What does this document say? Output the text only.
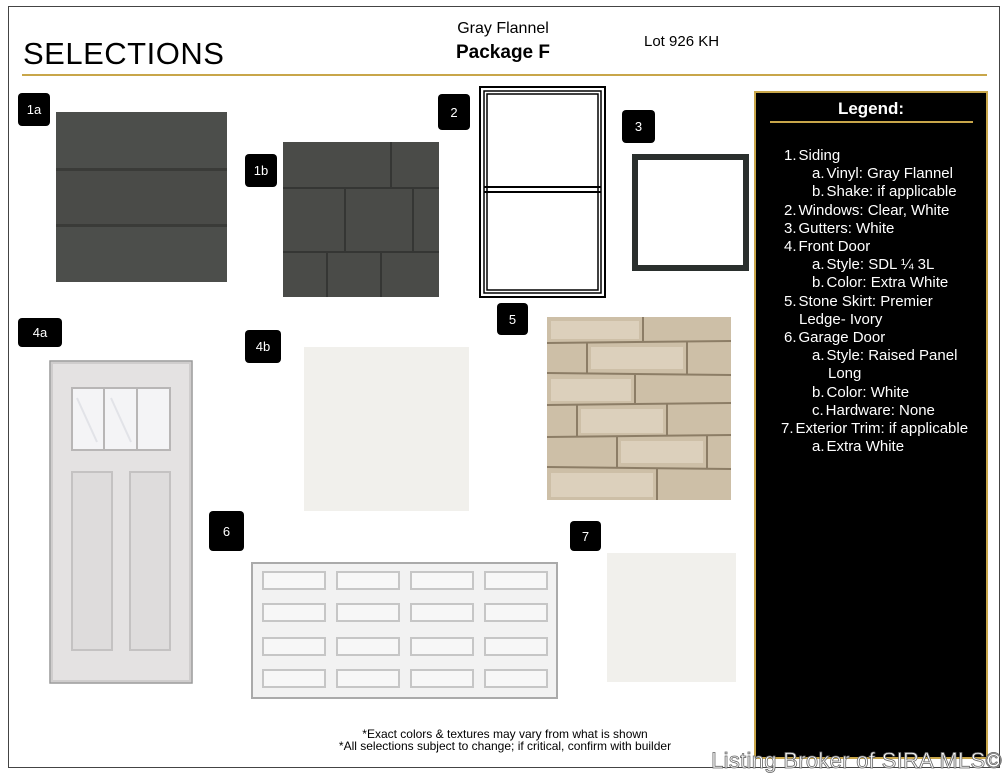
SELECTIONS
Gray Flannel
Package F
Lot 926 KH
1a
1b
2
3
4a
4b
5
6	7
Legend:
1. Siding
a. Vinyl: Gray Flannel
b. Shake: if applicable
2. Windows: Clear, White
3. Gutters: White
4. Front Door
a. Style: SDL ¼ 3L
b. Color: Extra White
5. Stone Skirt: Premier
Ledge- Ivory
6. Garage Door
a. Style: Raised Panel
Long
b. Color: White
c. Hardware: None
7. Exterior Trim: if applicable
a. Extra White
*Exact colors & textures may vary from what is shown
*All selections subject to change; if critical, confirm with builder
Listing Broker of SIRA MLS©
